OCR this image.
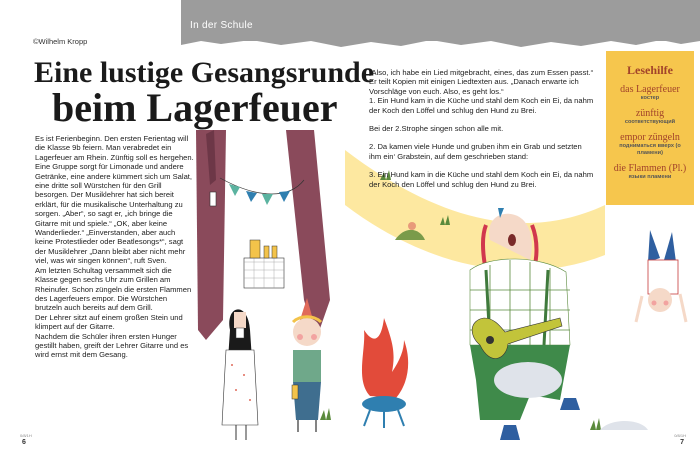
In der Schule
©Wilhelm Kropp
Eine lustige Gesangsrunde
beim Lagerfeuer

Es ist Ferienbeginn. Den ersten Ferientag will die Klasse 9b feiern. Man verabredet ein Lagerfeuer am Rhein. Zünftig soll es hergehen.

Eine Gruppe sorgt für Limonade und andere Getränke, eine andere kümmert sich um Salat, eine dritte soll Würstchen für den Grill besorgen. Der Musiklehrer hat sich bereit erklärt, für die musikalische Unterhaltung zu sorgen. „Aber“, so sagt er, „ich bringe die Gitarre mit und spiele.“ „OK, aber keine Wanderlieder.“ „Einverstanden, aber auch keine Protestlieder oder Beatlesongs*“, sagt der Musiklehrer „Dann bleibt aber nicht mehr viel, was wir singen können“, ruft Sven.

Am letzten Schultag versammelt sich die Klasse gegen sechs Uhr zum Grillen am Rheinufer. Schon züngeln die ersten Flammen des Lagerfeuers empor. Die Würstchen brutzeln auch bereits auf dem Grill.

Der Lehrer sitzt auf einem großen Stein und klimpert auf der Gitarre.

Nachdem die Schüler ihren ersten Hunger gestillt haben, greift der Lehrer Gitarre und es wird ernst mit dem Gesang.

„Also, ich habe ein Lied mitgebracht, eines, das zum Essen passt.“ Er teilt Kopien mit einigen Liedtexten aus. „Danach erwarte ich Vorschläge von euch. Also, es geht los.“

1. Ein Hund kam in die Küche und stahl dem Koch ein Ei, da nahm der Koch den Löffel und schlug den Hund zu Brei.

Bei der 2.Strophe singen schon alle mit.

2. Da kamen viele Hunde und gruben ihm ein Grab und setzten ihm ein‘ Grabstein, auf dem geschrieben stand:

3. Ein Hund kam in die Küche und stahl dem Koch ein Ei, da nahm der Koch den Löffel und schlug den Hund zu Brei.

Lesehilfe
das Lagerfeuer
костер
zünftig
соответствующий
empor züngeln
подниматься вверх (о пламени)
die Flammen (Pl.)
языки пламени
0/8/1H
6
0/8/1H
7
